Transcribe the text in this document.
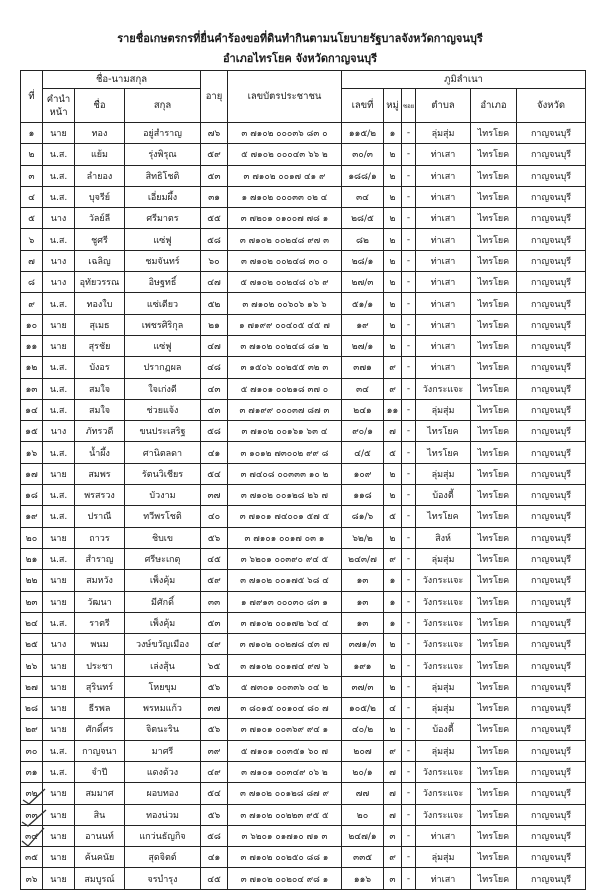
รายชื่อเกษตรกรที่ยื่นคำร้องขอที่ดินทำกินตามนโยบายรัฐบาลจังหวัดกาญจนบุรี
อำเภอไทรโยค จังหวัดกาญจนบุรี
ที่	ชื่อ-นามสกุล			อายุ	เลขบัตรประชาชน	ภูมิลำเนา					
	คำนำหน้า	ชื่อ	สกุล			เลขที่	หมู่	ซอย	ตำบล	อำเภอ	จังหวัด
๑	นาย	ทอง	อยู่สำราญ	๗๖	๓ ๗๑๐๒ ๐๐๐๓๖ ๘๓ ๐	๑๑๕/๒	๑	-	ลุ่มสุ่ม	ไทรโยค	กาญจนบุรี
๒	น.ส.	แย้ม	รุ่งพิรุณ	๕๙	๕ ๗๑๐๒ ๐๐๐๔๓ ๖๖ ๒	๓๐/๓	๒	-	ท่าเสา	ไทรโยค	กาญจนบุรี
๓	น.ส.	ลำยอง	สิทธิโชติ	๕๓	๓ ๗๑๐๒ ๐๐๑๗ ๔๑ ๙	๑๘๘/๑	๒	-	ท่าเสา	ไทรโยค	กาญจนบุรี
๔	น.ส.	บุจรีย์	เอี่ยมผึ้ง	๓๑	๑ ๗๑๐๒ ๐๐๐๓๓ ๐๒ ๔	๓๔	๒	-	ท่าเสา	ไทรโยค	กาญจนบุรี
๕	นาง	วัลย์ลี	ศรีมาตร	๕๕	๓ ๗๒๐๑ ๐๑๐๐๗ ๗๘ ๑	๒๘/๕	๒	-	ท่าเสา	ไทรโยค	กาญจนบุรี
๖	น.ส.	ชูศรี	แซ่ฟู	๕๘	๓ ๗๑๐๒ ๐๐๒๔๘ ๙๗ ๓	๘๒	๒	-	ท่าเสา	ไทรโยค	กาญจนบุรี
๗	นาง	เฉลิญ	ชมจันทร์	๖๐	๓ ๗๑๐๒ ๐๐๒๔๘ ๓๐ ๐	๒๘/๑	๒	-	ท่าเสา	ไทรโยค	กาญจนบุรี
๘	นาง	อุทัยวรรณ	อิษฐทธิ์	๔๗	๕ ๗๑๐๒ ๐๐๒๔๘ ๐๖ ๙	๒๗/๓	๒	-	ท่าเสา	ไทรโยค	กาญจนบุรี
๙	น.ส.	ทองใบ	แซ่เตียว	๕๒	๓ ๗๑๐๒ ๐๐๖๐๖ ๑๖ ๖	๕๑/๑	๒	-	ท่าเสา	ไทรโยค	กาญจนบุรี
๑๐	นาย	สุเมธ	เพชรศิริกุล	๒๑	๑ ๗๑๙๙ ๐๐๔๐๕ ๔๕ ๗	๑๙	๒	-	ท่าเสา	ไทรโยค	กาญจนบุรี
๑๑	นาย	สุรชัย	แซ่ฟู	๔๗	๓ ๗๑๐๒ ๐๐๒๔๘ ๘๑ ๒	๒๗/๑	๒	-	ท่าเสา	ไทรโยค	กาญจนบุรี
๑๒	น.ส.	บังอร	ปรากฏผล	๔๘	๓ ๑๕๐๖ ๐๐๒๕๕ ๓๒ ๓	๓๗๑	๙	-	ท่าเสา	ไทรโยค	กาญจนบุรี
๑๓	น.ส.	สมใจ	ใจเก่งดี	๔๓	๕ ๗๑๐๑ ๐๐๒๑๘ ๓๗ ๐	๓๔	๙	-	วังกระแจะ	ไทรโยค	กาญจนบุรี
๑๔	น.ส.	สมใจ	ช่วยแจ้ง	๕๓	๓ ๗๑๙๙ ๐๐๐๓๗ ๘๗ ๓	๒๔๑	๑๑	-	ลุ่มสุ่ม	ไทรโยค	กาญจนบุรี
๑๕	นาง	ภัทรวดี	ขนประเสริฐ	๕๘	๓ ๗๑๐๒ ๐๐๑๖๑ ๖๓ ๔	๙๐/๑	๗	-	ไทรโยค	ไทรโยค	กาญจนบุรี
๑๖	น.ส.	น้ำผึ้ง	ศานิตลดา	๔๑	๓ ๑๐๑๒ ๗๓๐๐๒ ๙๙ ๘	๔/๕	๕	-	ไทรโยค	ไทรโยค	กาญจนบุรี
๑๗	นาย	สมพร	รัตนวิเชียร	๕๔	๓ ๗๔๐๘ ๐๐๓๓๓ ๑๐ ๒	๑๐๙	๒	-	ลุ่มสุ่ม	ไทรโยค	กาญจนบุรี
๑๘	น.ส.	พรสรวง	บัวงาม	๓๗	๓ ๗๑๐๒ ๐๐๑๒๘ ๒๖ ๗	๑๑๘	๒	-	บ้องตี้	ไทรโยค	กาญจนบุรี
๑๙	น.ส.	ปราณี	ทวีพรโชติ	๔๐	๓ ๗๑๐๑ ๗๔๐๐๑ ๕๗ ๕	๘๑/๖	๕	-	ไทรโยค	ไทรโยค	กาญจนบุรี
๒๐	นาย	ถาวร	ชิบเข	๕๖	๓ ๗๑๐๑ ๐๐๑๗ ๐๓ ๑	๖๒/๒	๒	-	สิงห์	ไทรโยค	กาญจนบุรี
๒๑	น.ส.	สำราญ	ศรีษะเกตุ	๔๕	๓ ๖๒๐๑ ๐๐๓๙๐ ๙๔ ๕	๒๔๓/๗	๙	-	ลุ่มสุ่ม	ไทรโยค	กาญจนบุรี
๒๒	นาย	สมหวัง	เพ็งคุ้ม	๕๙	๓ ๗๑๐๒ ๐๐๑๗๕ ๖๘ ๔	๑๓	๑	-	วังกระแจะ	ไทรโยค	กาญจนบุรี
๒๓	นาย	วัฒนา	มีศักดิ์	๓๓	๑ ๗๙๑๓ ๐๐๐๓๐ ๘๓ ๑	๑๓	๑	-	วังกระแจะ	ไทรโยค	กาญจนบุรี
๒๔	น.ส.	ราตรี	เพ็งคุ้ม	๕๓	๓ ๗๑๐๒ ๐๐๑๗๒ ๖๔ ๔	๑๓	๑	-	วังกระแจะ	ไทรโยค	กาญจนบุรี
๒๕	นาง	พนม	วงษ์ขวัญเมือง	๔๙	๓ ๗๑๐๒ ๐๐๒๗๘ ๔๓ ๗	๓๗๑/๓	๒	-	วังกระแจะ	ไทรโยค	กาญจนบุรี
๒๖	นาย	ประชา	เล่งสุ้น	๖๕	๓ ๗๑๐๒ ๐๐๑๗๔ ๙๗ ๖	๑๙๑	๒	-	วังกระแจะ	ไทรโยค	กาญจนบุรี
๒๗	นาย	สุรินทร์	โหยขุม	๕๖	๕ ๗๓๐๑ ๐๐๓๓๖ ๐๔ ๒	๓๗/๓	๒	-	ลุ่มสุ่ม	ไทรโยค	กาญจนบุรี
๒๘	นาย	ธีรพล	พรหมแก้ว	๓๗	๓ ๘๐๑๕ ๐๐๑๐๔ ๘๐ ๗	๑๐๕/๒	๔	-	ลุ่มสุ่ม	ไทรโยค	กาญจนบุรี
๒๙	นาย	ศักดิ์ศร	จิตนะริน	๕๖	๓ ๗๑๐๑ ๐๐๓๖๙ ๙๔ ๑	๔๐/๒	๒	-	บ้องตี้	ไทรโยค	กาญจนบุรี
๓๐	น.ส.	กาญจนา	มาศรี	๓๙	๕ ๗๑๐๑ ๐๐๓๕๑ ๖๐ ๗	๒๐๗	๙	-	ลุ่มสุ่ม	ไทรโยค	กาญจนบุรี
๓๑	น.ส.	จำปี	แดงด้วง	๔๙	๓ ๗๑๐๑ ๐๐๓๔๙ ๐๖ ๒	๒๐/๑	๗	-	วังกระแจะ	ไทรโยค	กาญจนบุรี
๓๒	นาย	สมมาศ	ผอบทอง	๕๔	๓ ๗๑๐๒ ๐๐๑๒๘ ๘๗ ๙	๗๗	๗	-	วังกระแจะ	ไทรโยค	กาญจนบุรี
๓๓	นาย	สิน	ทองน่วม	๕๖	๓ ๗๑๐๒ ๐๐๒๒๓ ๙๕ ๕	๒๐	๗	-	วังกระแจะ	ไทรโยค	กาญจนบุรี
๓๔	นาย	อานนท์	แกว่นธัญกิจ	๕๘	๓ ๖๒๐๑ ๐๑๗๑๐ ๗๑ ๓	๒๔๗/๑	๓	-	ท่าเสา	ไทรโยค	กาญจนบุรี
๓๕	นาย	ค้นคนัย	สุดจิตต์	๔๑	๓ ๗๑๐๒ ๐๐๒๕๐ ๘๘ ๑	๓๓๕	๙	-	ลุ่มสุ่ม	ไทรโยค	กาญจนบุรี
๓๖	นาย	สมบูรณ์	จรบำรุง	๔๕	๓ ๗๑๐๒ ๐๐๒๐๔ ๙๘ ๑	๑๑๖	๓	-	ท่าเสา	ไทรโยค	กาญจนบุรี
